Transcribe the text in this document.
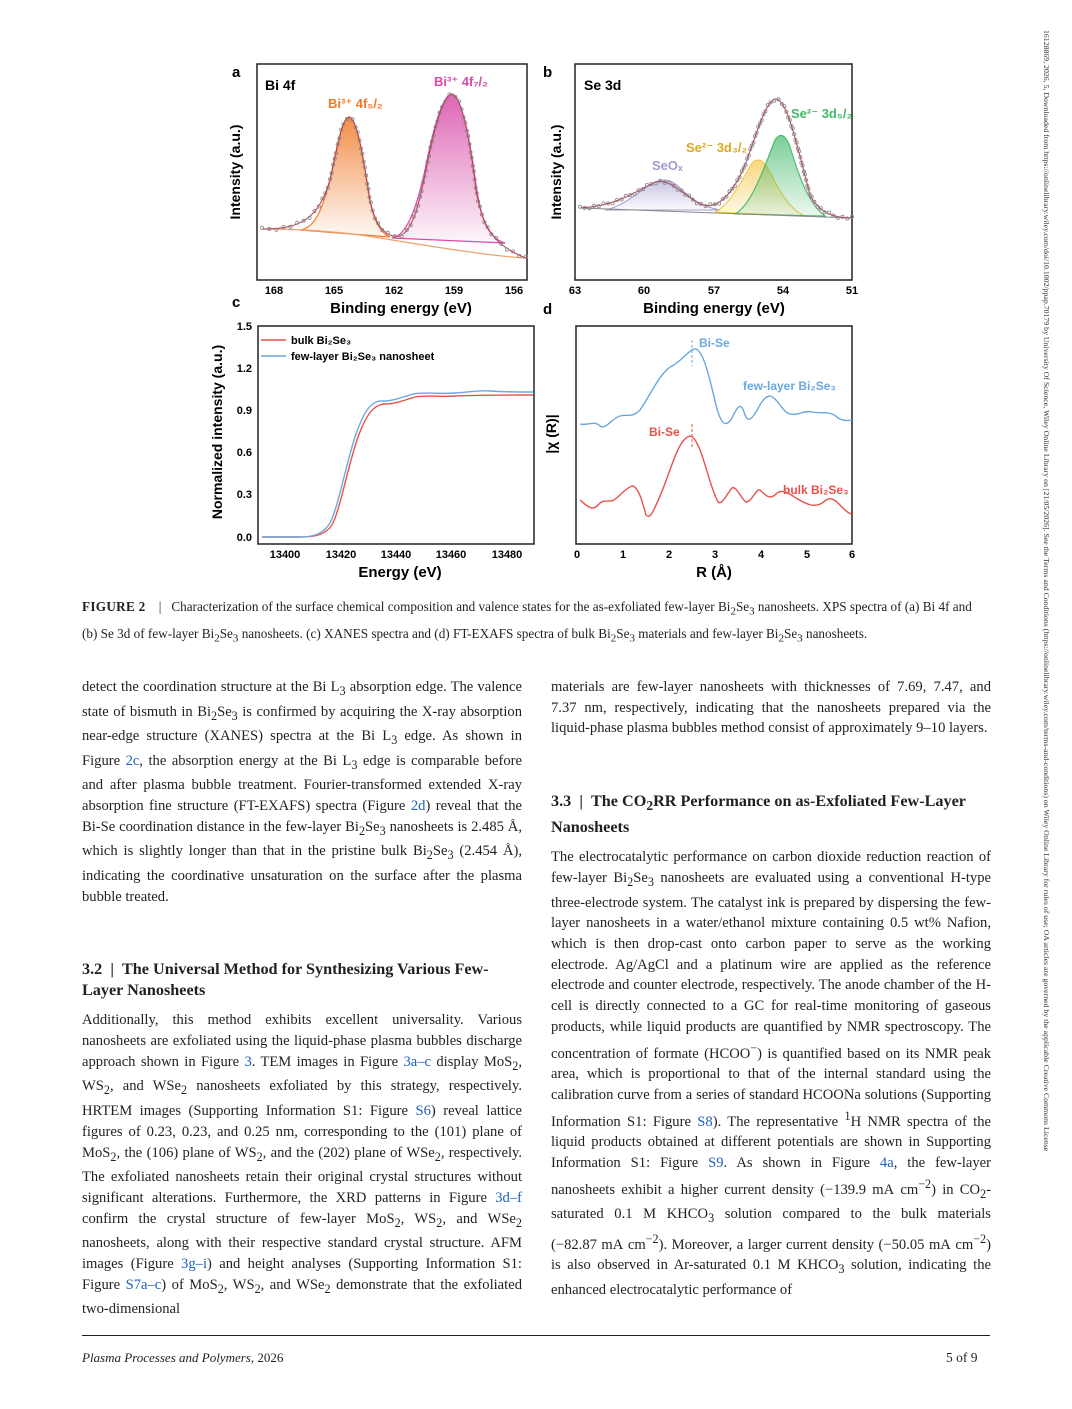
a	b
c	d
Bi 4f
Bi³⁺ 4f₅/₂
Bi³⁺ 4f₇/₂
Intensity (a.u.)
168	165	162	159	156
Binding energy (eV)
Se 3d
SeOₓ
Se²⁻ 3d₃/₂
Se²⁻ 3d₅/₂
Intensity (a.u.)
63	60	57	54	51
Binding energy (eV)
bulk Bi₂Se₃
few-layer Bi₂Se₃ nanosheet
0.0
0.3
0.6
0.9
1.2
1.5
13400 13420 13440 13460 13480
Normalized intensity (a.u.)
Energy (eV)
Bi-Se
Bi-Se
few-layer Bi₂Se₃
bulk Bi₂Se₃
0	1	2	3	4	5	6
|χ (R)|
R (Å)
FIGURE 2 | Characterization of the surface chemical composition and valence states for the as-exfoliated few-layer $Bi_2Se_3$ nanosheets. XPS spectra of (a) Bi 4f and (b) Se 3d of few-layer $Bi_2Se_3$ nanosheets. (c) XANES spectra and (d) FT-EXAFS spectra of bulk $Bi_2Se_3$ materials and few-layer $Bi_2Se_3$ nanosheets.

detect the coordination structure at the Bi $L_3$ absorption edge. The valence state of bismuth in $Bi_2Se_3$ is confirmed by acquiring the X-ray absorption near-edge structure (XANES) spectra at the Bi $L_3$ edge. As shown in Figure 2c, the absorption energy at the Bi $L_3$ edge is comparable before and after plasma bubble treatment. Fourier-transformed extended X-ray absorption fine structure (FT-EXAFS) spectra (Figure 2d) reveal that the Bi-Se coordination distance in the few-layer $Bi_2Se_3$ nanosheets is 2.485 Å, which is slightly longer than that in the pristine bulk $Bi_2Se_3$ (2.454 Å), indicating the coordinative unsaturation on the surface after the plasma bubble treated.

3.2  |  The Universal Method for Synthesizing Various Few-Layer Nanosheets

Additionally, this method exhibits excellent universality. Various nanosheets are exfoliated using the liquid-phase plasma bubbles discharge approach shown in Figure 3. TEM images in Figure 3a–c display MoS$_2$, $WS_2$, and WSe$_2$ nanosheets exfoliated by this strategy, respectively. HRTEM images (Supporting Information S1: Figure S6) reveal lattice figures of 0.23, 0.23, and 0.25 nm, corresponding to the (101) plane of MoS$_2$, the (106) plane of $WS_2$, and the (202) plane of WSe$_2$, respectively. The exfoliated nanosheets retain their original crystal structures without significant alterations. Furthermore, the XRD patterns in Figure 3d–f confirm the crystal structure of few-layer MoS$_2$, $WS_2$, and WSe$_2$ nanosheets, along with their respective standard crystal structure. AFM images (Figure 3g–i) and height analyses (Supporting Information S1: Figure S7a–c) of MoS$_2$, $WS_2$, and WSe$_2$ demonstrate that the exfoliated two-dimensional

materials are few-layer nanosheets with thicknesses of 7.69, 7.47, and 7.37 nm, respectively, indicating that the nanosheets prepared via the liquid-phase plasma bubbles method consist of approximately 9–10 layers.

3.3  |  The $CO_2RR$ Performance on as-Exfoliated Few-Layer Nanosheets

The electrocatalytic performance on carbon dioxide reduction reaction of few-layer $Bi_2Se_3$ nanosheets are evaluated using a conventional H-type three-electrode system. The catalyst ink is prepared by dispersing the few-layer nanosheets in a water/ethanol mixture containing 0.5 wt% Nafion, which is then drop-cast onto carbon paper to serve as the working electrode. Ag/AgCl and a platinum wire are applied as the reference electrode and counter electrode, respectively. The anode chamber of the H-cell is directly connected to a GC for real-time monitoring of gaseous products, while liquid products are quantified by NMR spectroscopy. The concentration of formate (HCOO−) is quantified based on its NMR peak area, which is proportional to that of the internal standard using the calibration curve from a series of standard HCOONa solutions (Supporting Information S1: Figure S8). The representative $^1$H NMR spectra of the liquid products obtained at different potentials are shown in Supporting Information S1: Figure S9. As shown in Figure 4a, the few-layer nanosheets exhibit a higher current density (−139.9 mA $cm^{-2}$) in $CO_2$-saturated 0.1 M $KHCO_3$ solution compared to the bulk materials (−82.87 mA $cm^{-2}$). Moreover, a larger current density (−50.05 mA $cm^{-2}$) is also observed in Ar-saturated 0.1 M $KHCO_3$ solution, indicating the enhanced electrocatalytic performance of

Plasma Processes and Polymers, 2026	5 of 9
16128869, 2026, 5, Downloaded from https://onlinelibrary.wiley.com/doi/10.1002/ppap.70179 by University Of Science, Wiley Online Library on [21/05/2026]. See the Terms and Conditions (https://onlinelibrary.wiley.com/terms-and-conditions) on Wiley Online Library for rules of use; OA articles are governed by the applicable Creative Commons License
